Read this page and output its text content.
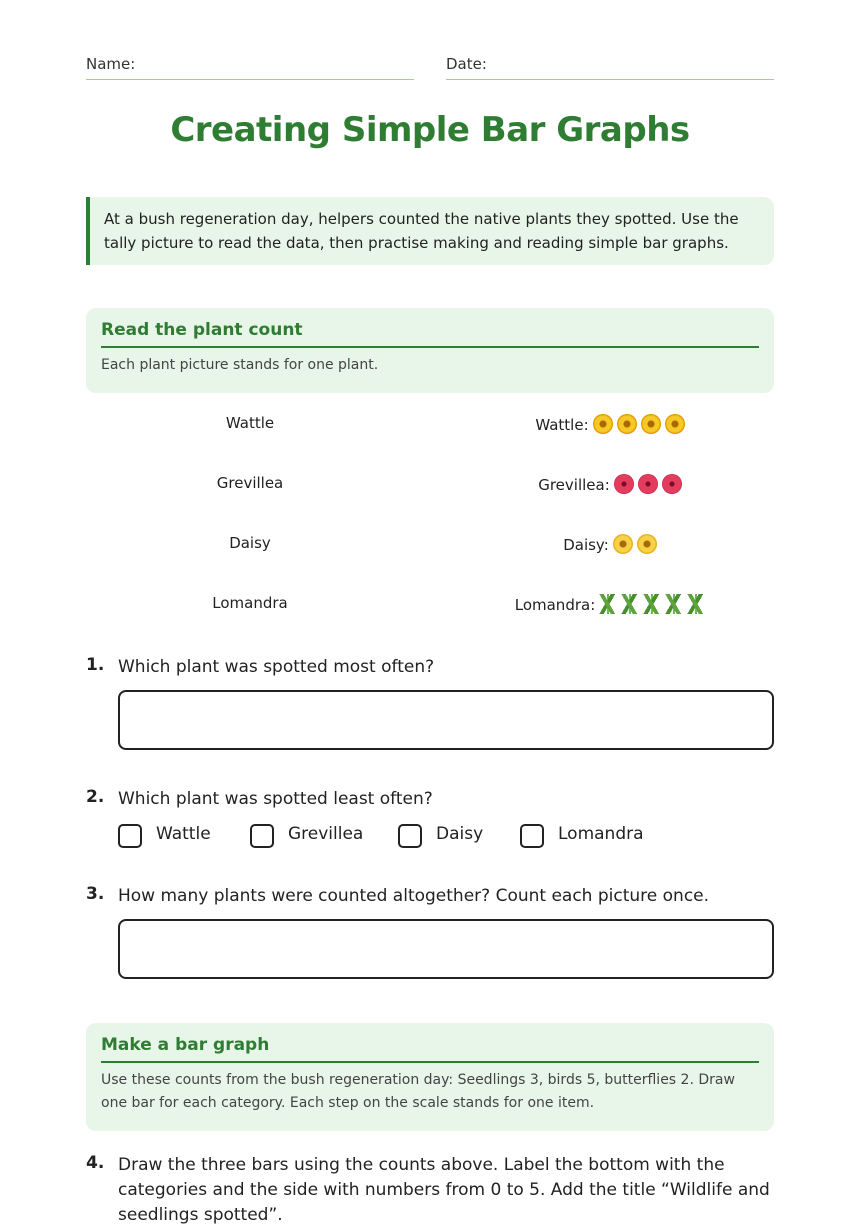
Name:	Date:
Creating Simple Bar Graphs
At a bush regeneration day, helpers counted the native plants they spotted. Use the tally picture to read the data, then practise making and reading simple bar graphs.
Read the plant count

Each plant picture stands for one plant.

Wattle	Wattle:
Grevillea	Grevillea:
Daisy	Daisy:
Lomandra	Lomandra:
1. Which plant was spotted most often?
2. Which plant was spotted least often?
Wattle	Grevillea	Daisy	Lomandra
3. How many plants were counted altogether? Count each picture once.
Make a bar graph

Use these counts from the bush regeneration day: Seedlings 3, birds 5, butterflies 2. Draw one bar for each category. Each step on the scale stands for one item.

4. Draw the three bars using the counts above. Label the bottom with the categories and the side with numbers from 0 to 5. Add the title “Wildlife and seedlings spotted”.
